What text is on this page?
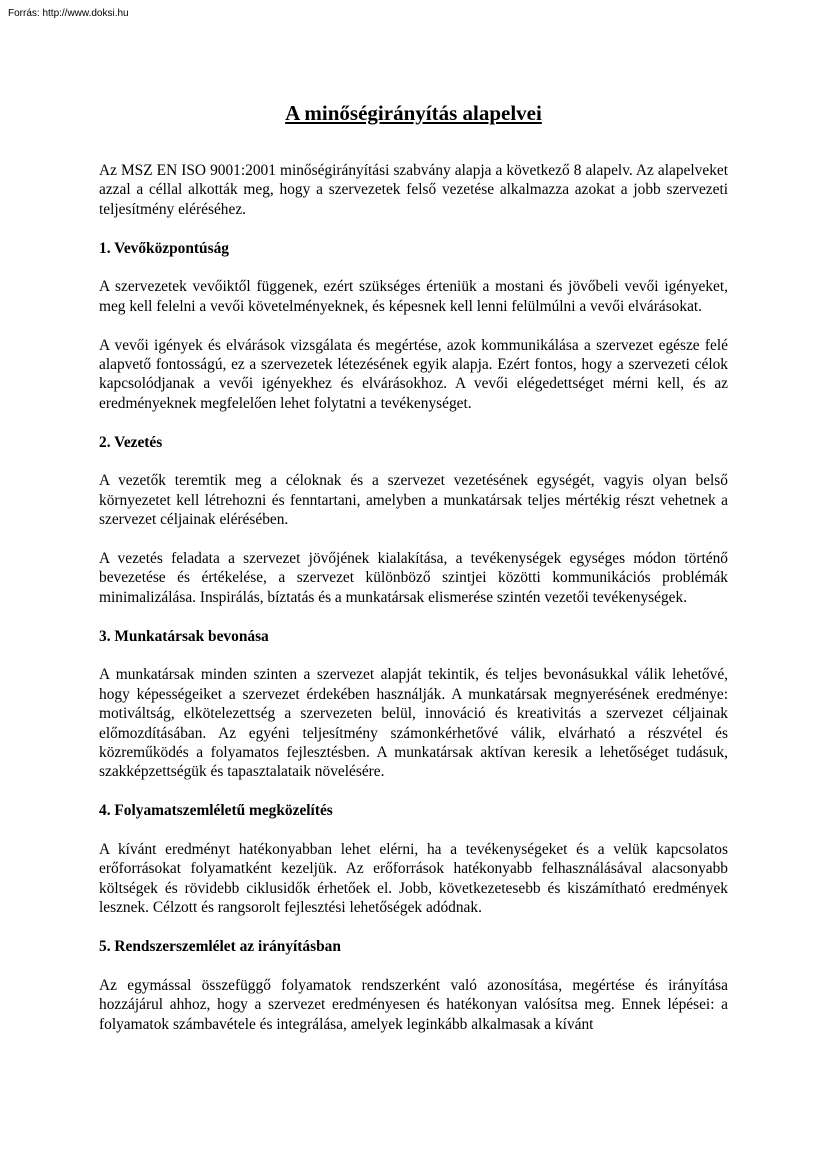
Forrás: http://www.doksi.hu
A minőségirányítás alapelvei

Az MSZ EN ISO 9001:2001 minőségirányítási szabvány alapja a következő 8 alapelv. Az alapelveket azzal a céllal alkották meg, hogy a szervezetek felső vezetése alkalmazza azokat a jobb szervezeti teljesítmény eléréséhez.

1. Vevőközpontúság

A szervezetek vevőiktől függenek, ezért szükséges érteniük a mostani és jövőbeli vevői igényeket, meg kell felelni a vevői követelményeknek, és képesnek kell lenni felülmúlni a vevői elvárásokat.

A vevői igények és elvárások vizsgálata és megértése, azok kommunikálása a szervezet egésze felé alapvető fontosságú, ez a szervezetek létezésének egyik alapja. Ezért fontos, hogy a szervezeti célok kapcsolódjanak a vevői igényekhez és elvárásokhoz. A vevői elégedettséget mérni kell, és az eredményeknek megfelelően lehet folytatni a tevékenységet.

2. Vezetés

A vezetők teremtik meg a céloknak és a szervezet vezetésének egységét, vagyis olyan belső környezetet kell létrehozni és fenntartani, amelyben a munkatársak teljes mértékig részt vehetnek a szervezet céljainak elérésében.

A vezetés feladata a szervezet jövőjének kialakítása, a tevékenységek egységes módon történő bevezetése és értékelése, a szervezet különböző szintjei közötti kommunikációs problémák minimalizálása. Inspirálás, bíztatás és a munkatársak elismerése szintén vezetői tevékenységek.

3. Munkatársak bevonása

A munkatársak minden szinten a szervezet alapját tekintik, és teljes bevonásukkal válik lehetővé, hogy képességeiket a szervezet érdekében használják. A munkatársak megnyerésének eredménye: motiváltság, elkötelezettség a szervezeten belül, innováció és kreativitás a szervezet céljainak előmozdításában. Az egyéni teljesítmény számonkérhetővé válik, elvárható a részvétel és közreműködés a folyamatos fejlesztésben. A munkatársak aktívan keresik a lehetőséget tudásuk, szakképzettségük és tapasztalataik növelésére.

4. Folyamatszemléletű megközelítés

A kívánt eredményt hatékonyabban lehet elérni, ha a tevékenységeket és a velük kapcsolatos erőforrásokat folyamatként kezeljük. Az erőforrások hatékonyabb felhasználásával alacsonyabb költségek és rövidebb ciklusidők érhetőek el. Jobb, következetesebb és kiszámítható eredmények lesznek. Célzott és rangsorolt fejlesztési lehetőségek adódnak.

5. Rendszerszemlélet az irányításban

Az egymással összefüggő folyamatok rendszerként való azonosítása, megértése és irányítása hozzájárul ahhoz, hogy a szervezet eredményesen és hatékonyan valósítsa meg. Ennek lépései: a folyamatok számbavétele és integrálása, amelyek leginkább alkalmasak a kívánt
